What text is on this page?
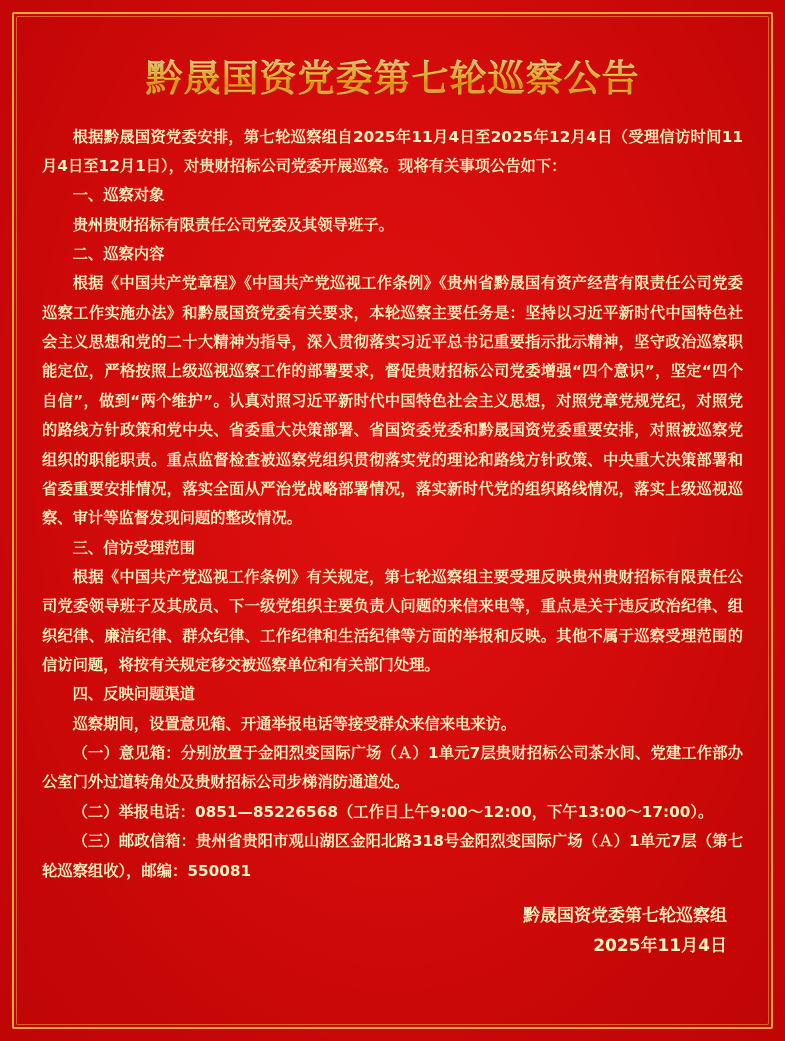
黔晟国资党委第七轮巡察公告

根据黔晟国资党委安排，第七轮巡察组自2025年11月4日至2025年12月4日（受理信访时间11月4日至12月1日），对贵财招标公司党委开展巡察。现将有关事项公告如下：

一、巡察对象

贵州贵财招标有限责任公司党委及其领导班子。

二、巡察内容

根据《中国共产党章程》《中国共产党巡视工作条例》《贵州省黔晟国有资产经营有限责任公司党委巡察工作实施办法》和黔晟国资党委有关要求，本轮巡察主要任务是：坚持以习近平新时代中国特色社会主义思想和党的二十大精神为指导，深入贯彻落实习近平总书记重要指示批示精神，坚守政治巡察职能定位，严格按照上级巡视巡察工作的部署要求，督促贵财招标公司党委增强“四个意识”，坚定“四个自信”，做到“两个维护”。认真对照习近平新时代中国特色社会主义思想，对照党章党规党纪，对照党的路线方针政策和党中央、省委重大决策部署、省国资委党委和黔晟国资党委重要安排，对照被巡察党组织的职能职责。重点监督检查被巡察党组织贯彻落实党的理论和路线方针政策、中央重大决策部署和省委重要安排情况，落实全面从严治党战略部署情况，落实新时代党的组织路线情况，落实上级巡视巡察、审计等监督发现问题的整改情况。

三、信访受理范围

根据《中国共产党巡视工作条例》有关规定，第七轮巡察组主要受理反映贵州贵财招标有限责任公司党委领导班子及其成员、下一级党组织主要负责人问题的来信来电等，重点是关于违反政治纪律、组织纪律、廉洁纪律、群众纪律、工作纪律和生活纪律等方面的举报和反映。其他不属于巡察受理范围的信访问题，将按有关规定移交被巡察单位和有关部门处理。

四、反映问题渠道

巡察期间，设置意见箱、开通举报电话等接受群众来信来电来访。

（一）意见箱：分别放置于金阳烈变国际广场（Ａ）1单元7层贵财招标公司茶水间、党建工作部办公室门外过道转角处及贵财招标公司步梯消防通道处。

（二）举报电话：0851—85226568（工作日上午9:00～12:00，下午13:00～17:00）。

（三）邮政信箱：贵州省贵阳市观山湖区金阳北路318号金阳烈变国际广场（Ａ）1单元7层（第七轮巡察组收），邮编：550081

黔晟国资党委第七轮巡察组
2025年11月4日
